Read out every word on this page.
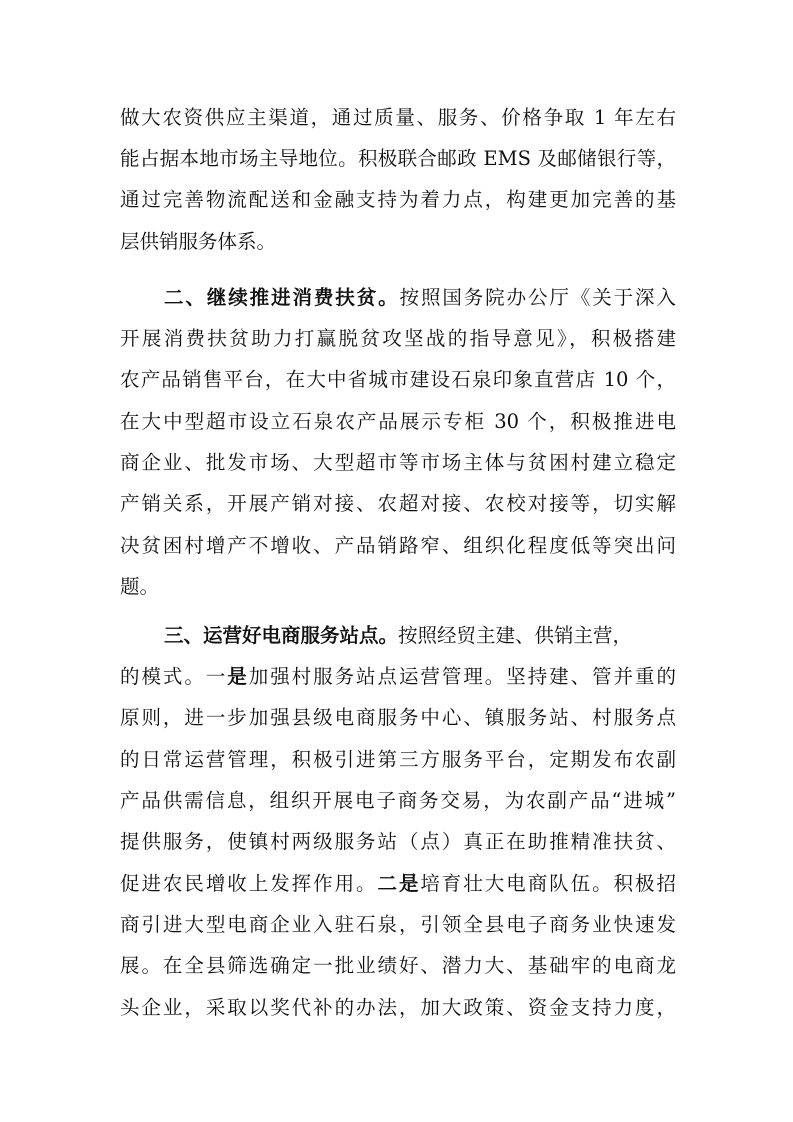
做大农资供应主渠道，通过质量、服务、价格争取 1 年左右
能占据本地市场主导地位。积极联合邮政 EMS 及邮储银行等，
通过完善物流配送和金融支持为着力点，构建更加完善的基
层供销服务体系。
二、继续推进消费扶贫。按照国务院办公厅《关于深入
开展消费扶贫助力打赢脱贫攻坚战的指导意见》，积极搭建
农产品销售平台，在大中省城市建设石泉印象直营店 10 个，
在大中型超市设立石泉农产品展示专柜 30 个，积极推进电
商企业、批发市场、大型超市等市场主体与贫困村建立稳定
产销关系，开展产销对接、农超对接、农校对接等，切实解
决贫困村增产不增收、产品销路窄、组织化程度低等突出问
题。
三、运营好电商服务站点。按照经贸主建、供销主营，
的模式。一是加强村服务站点运营管理。坚持建、管并重的
原则，进一步加强县级电商服务中心、镇服务站、村服务点
的日常运营管理，积极引进第三方服务平台，定期发布农副
产品供需信息，组织开展电子商务交易，为农副产品“进城”
提供服务，使镇村两级服务站（点）真正在助推精准扶贫、
促进农民增收上发挥作用。二是培育壮大电商队伍。积极招
商引进大型电商企业入驻石泉，引领全县电子商务业快速发
展。在全县筛选确定一批业绩好、潜力大、基础牢的电商龙
头企业，采取以奖代补的办法，加大政策、资金支持力度，
